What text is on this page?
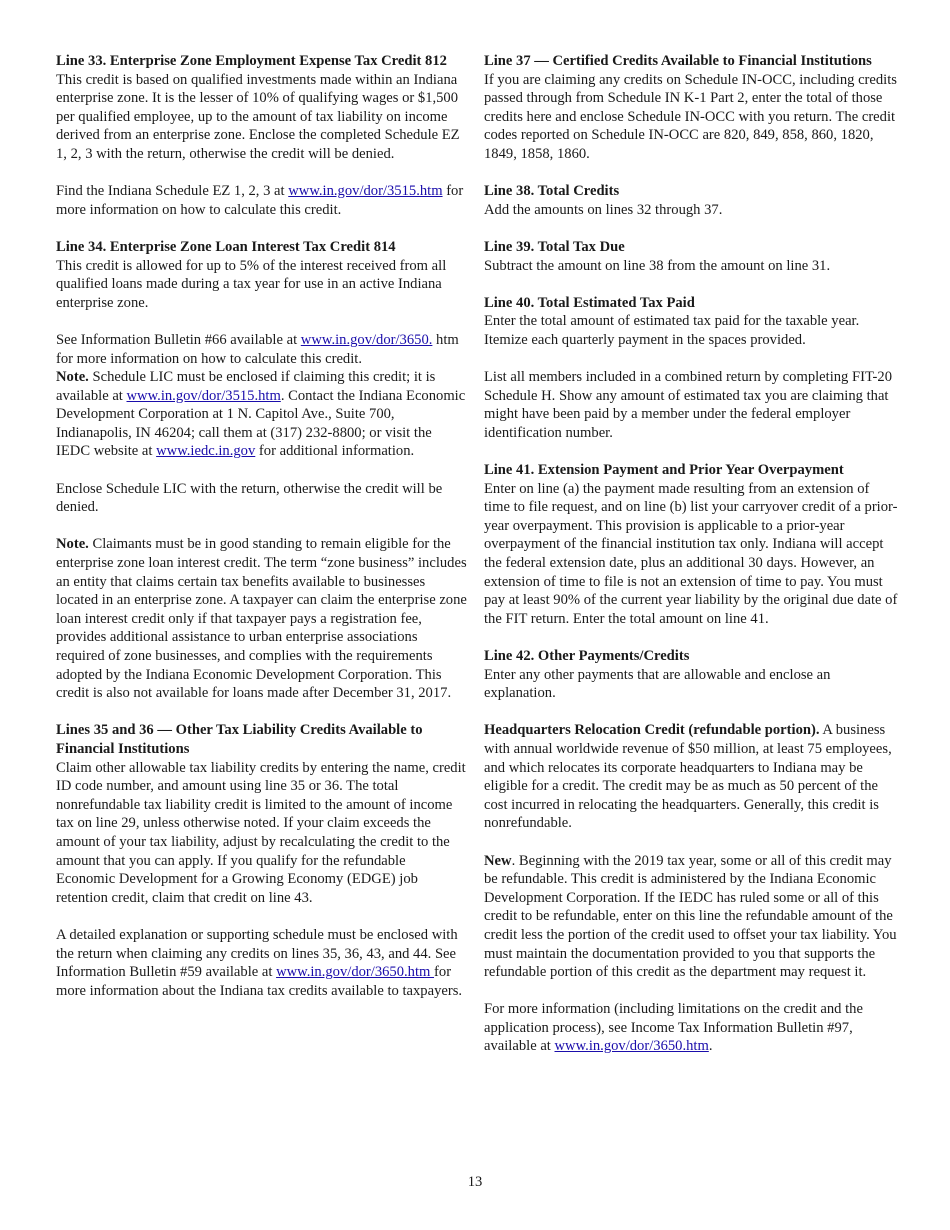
Line 33. Enterprise Zone Employment Expense Tax Credit 812
This credit is based on qualified investments made within an Indiana enterprise zone. It is the lesser of 10% of qualifying wages or $1,500 per qualified employee, up to the amount of tax liability on income derived from an enterprise zone. Enclose the completed Schedule EZ 1, 2, 3 with the return, otherwise the credit will be denied.

Find the Indiana Schedule EZ 1, 2, 3 at www.in.gov/dor/3515.htm for more information on how to calculate this credit.

Line 34. Enterprise Zone Loan Interest Tax Credit 814
This credit is allowed for up to 5% of the interest received from all qualified loans made during a tax year for use in an active Indiana enterprise zone.

See Information Bulletin #66 available at www.in.gov/dor/3650. htm for more information on how to calculate this credit.
Note. Schedule LIC must be enclosed if claiming this credit; it is available at www.in.gov/dor/3515.htm. Contact the Indiana Economic Development Corporation at 1 N. Capitol Ave., Suite 700, Indianapolis, IN 46204; call them at (317) 232-8800; or visit the IEDC website at www.iedc.in.gov for additional information.

Enclose Schedule LIC with the return, otherwise the credit will be denied.

Note. Claimants must be in good standing to remain eligible for the enterprise zone loan interest credit. The term “zone business” includes an entity that claims certain tax benefits available to businesses located in an enterprise zone. A taxpayer can claim the enterprise zone loan interest credit only if that taxpayer pays a registration fee, provides additional assistance to urban enterprise associations required of zone businesses, and complies with the requirements adopted by the Indiana Economic Development Corporation. This credit is also not available for loans made after December 31, 2017.

Lines 35 and 36 — Other Tax Liability Credits Available to Financial Institutions
Claim other allowable tax liability credits by entering the name, credit ID code number, and amount using line 35 or 36. The total nonrefundable tax liability credit is limited to the amount of income tax on line 29, unless otherwise noted. If your claim exceeds the amount of your tax liability, adjust by recalculating the credit to the amount that you can apply. If you qualify for the refundable Economic Development for a Growing Economy (EDGE) job retention credit, claim that credit on line 43.

A detailed explanation or supporting schedule must be enclosed with the return when claiming any credits on lines 35, 36, 43, and 44. See Information Bulletin #59 available at www.in.gov/dor/3650.htm for more information about the Indiana tax credits available to taxpayers.

Line 37 — Certified Credits Available to Financial Institutions
If you are claiming any credits on Schedule IN-OCC, including credits passed through from Schedule IN K-1 Part 2, enter the total of those credits here and enclose Schedule IN-OCC with you return. The credit codes reported on Schedule IN-OCC are 820, 849, 858, 860, 1820, 1849, 1858, 1860.

Line 38. Total Credits
Add the amounts on lines 32 through 37.

Line 39. Total Tax Due
Subtract the amount on line 38 from the amount on line 31.

Line 40. Total Estimated Tax Paid
Enter the total amount of estimated tax paid for the taxable year. Itemize each quarterly payment in the spaces provided.

List all members included in a combined return by completing FIT-20 Schedule H. Show any amount of estimated tax you are claiming that might have been paid by a member under the federal employer identification number.

Line 41. Extension Payment and Prior Year Overpayment
Enter on line (a) the payment made resulting from an extension of time to file request, and on line (b) list your carryover credit of a prior-year overpayment. This provision is applicable to a prior-year overpayment of the financial institution tax only. Indiana will accept the federal extension date, plus an additional 30 days. However, an extension of time to file is not an extension of time to pay. You must pay at least 90% of the current year liability by the original due date of the FIT return. Enter the total amount on line 41.

Line 42. Other Payments/Credits
Enter any other payments that are allowable and enclose an explanation.

Headquarters Relocation Credit (refundable portion). A business with annual worldwide revenue of $50 million, at least 75 employees, and which relocates its corporate headquarters to Indiana may be eligible for a credit. The credit may be as much as 50 percent of the cost incurred in relocating the headquarters. Generally, this credit is nonrefundable.

New. Beginning with the 2019 tax year, some or all of this credit may be refundable. This credit is administered by the Indiana Economic Development Corporation. If the IEDC has ruled some or all of this credit to be refundable, enter on this line the refundable amount of the credit less the portion of the credit used to offset your tax liability. You must maintain the documentation provided to you that supports the refundable portion of this credit as the department may request it.

For more information (including limitations on the credit and the application process), see Income Tax Information Bulletin #97, available at www.in.gov/dor/3650.htm.

13
